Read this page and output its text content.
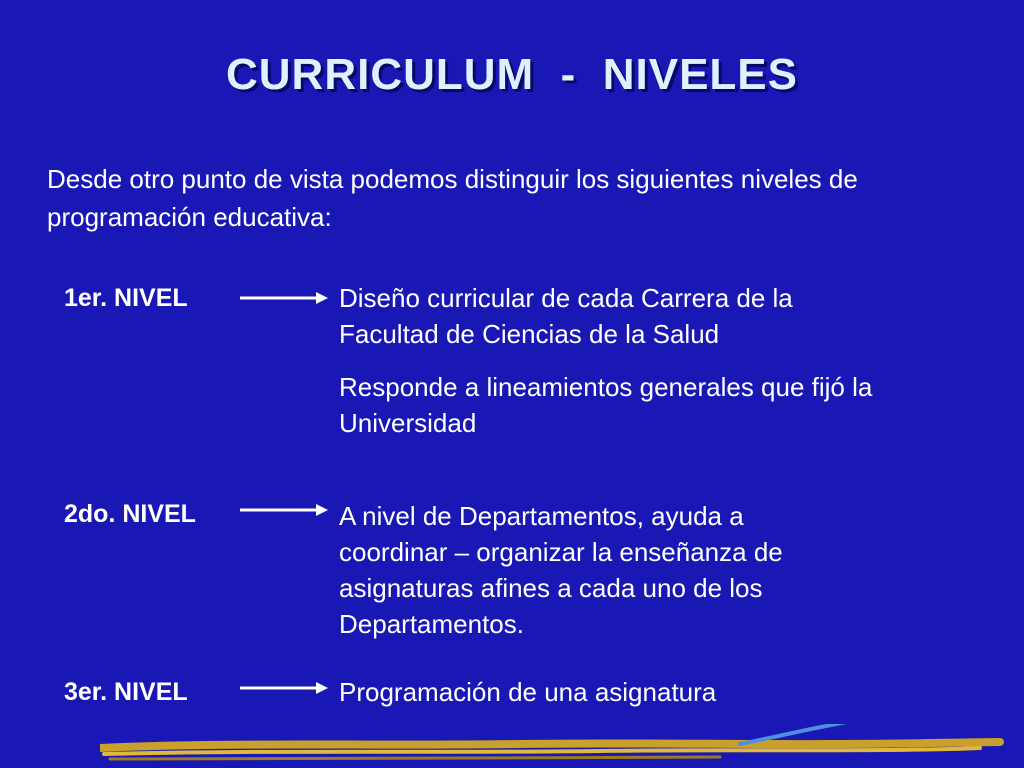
CURRICULUM  -  NIVELES
Desde otro punto de vista podemos distinguir los siguientes niveles de programación educativa:
1er. NIVEL	Diseño curricular de cada Carrera de la
Facultad de Ciencias de la Salud
Responde a lineamientos generales que fijó la
Universidad
2do. NIVEL	A nivel de Departamentos, ayuda a
coordinar – organizar la enseñanza de
asignaturas afines a cada uno de los
Departamentos.
3er. NIVEL	Programación de una asignatura
